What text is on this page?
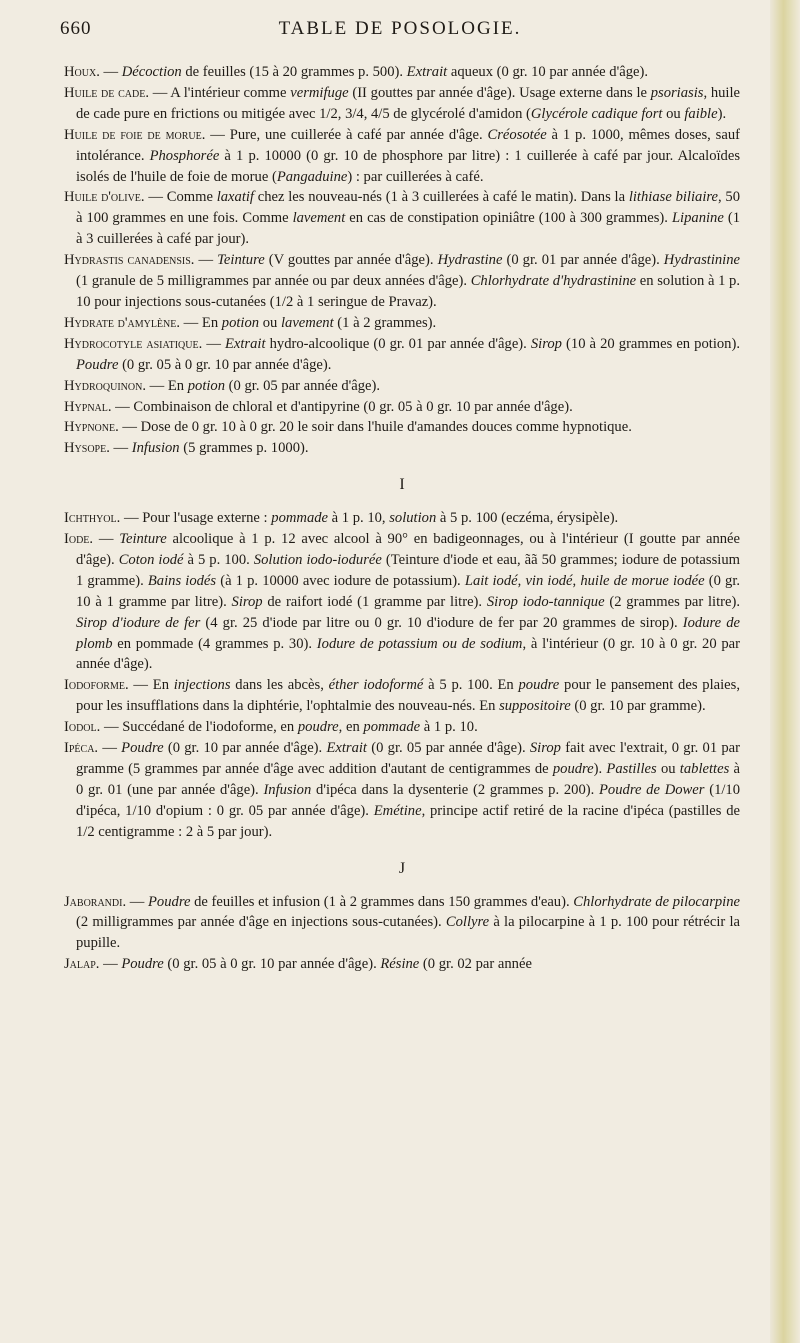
TABLE DE POSOLOGIE.
660
Houx. — Décoction de feuilles (15 à 20 grammes p. 500). Extrait aqueux (0 gr. 10 par année d'âge).
Huile de cade. — A l'intérieur comme vermifuge (II gouttes par année d'âge). Usage externe dans le psoriasis, huile de cade pure en frictions ou mitigée avec 1/2, 3/4, 4/5 de glycérolé d'amidon (Glycérole cadique fort ou faible).
Huile de foie de morue. — Pure, une cuillerée à café par année d'âge. Créosotée à 1 p. 1000, mêmes doses, sauf intolérance. Phosphorée à 1 p. 10000 (0 gr. 10 de phosphore par litre) : 1 cuillerée à café par jour. Alcaloïdes isolés de l'huile de foie de morue (Pangaduine) : par cuillerées à café.
Huile d'olive. — Comme laxatif chez les nouveau-nés (1 à 3 cuillerées à café le matin). Dans la lithiase biliaire, 50 à 100 grammes en une fois. Comme lavement en cas de constipation opiniâtre (100 à 300 grammes). Lipanine (1 à 3 cuillerées à café par jour).
Hydrastis canadensis. — Teinture (V gouttes par année d'âge). Hydrastine (0 gr. 01 par année d'âge). Hydrastinine (1 granule de 5 milligrammes par année ou par deux années d'âge). Chlorhydrate d'hydrastinine en solution à 1 p. 10 pour injections sous-cutanées (1/2 à 1 seringue de Pravaz).
Hydrate d'amylène. — En potion ou lavement (1 à 2 grammes).
Hydrocotyle asiatique. — Extrait hydro-alcoolique (0 gr. 01 par année d'âge). Sirop (10 à 20 grammes en potion). Poudre (0 gr. 05 à 0 gr. 10 par année d'âge).
Hydroquinon. — En potion (0 gr. 05 par année d'âge).
Hypnal. — Combinaison de chloral et d'antipyrine (0 gr. 05 à 0 gr. 10 par année d'âge).
Hypnone. — Dose de 0 gr. 10 à 0 gr. 20 le soir dans l'huile d'amandes douces comme hypnotique.
Hysope. — Infusion (5 grammes p. 1000).
I
Ichthyol. — Pour l'usage externe : pommade à 1 p. 10, solution à 5 p. 100 (eczéma, érysipèle).
Iode. — Teinture alcoolique à 1 p. 12 avec alcool à 90° en badigeonnages, ou à l'intérieur (I goutte par année d'âge). Coton iodé à 5 p. 100. Solution iodo-iodurée (Teinture d'iode et eau, ãã 50 grammes; iodure de potassium 1 gramme). Bains iodés (à 1 p. 10000 avec iodure de potassium). Lait iodé, vin iodé, huile de morue iodée (0 gr. 10 à 1 gramme par litre). Sirop de raifort iodé (1 gramme par litre). Sirop iodo-tannique (2 grammes par litre). Sirop d'iodure de fer (4 gr. 25 d'iode par litre ou 0 gr. 10 d'iodure de fer par 20 grammes de sirop). Iodure de plomb en pommade (4 grammes p. 30). Iodure de potassium ou de sodium, à l'intérieur (0 gr. 10 à 0 gr. 20 par année d'âge).
Iodoforme. — En injections dans les abcès, éther iodoformé à 5 p. 100. En poudre pour le pansement des plaies, pour les insufflations dans la diphtérie, l'ophtalmie des nouveau-nés. En suppositoire (0 gr. 10 par gramme).
Iodol. — Succédané de l'iodoforme, en poudre, en pommade à 1 p. 10.
Ipéca. — Poudre (0 gr. 10 par année d'âge). Extrait (0 gr. 05 par année d'âge). Sirop fait avec l'extrait, 0 gr. 01 par gramme (5 grammes par année d'âge avec addition d'autant de centigrammes de poudre). Pastilles ou tablettes à 0 gr. 01 (une par année d'âge). Infusion d'ipéca dans la dysenterie (2 grammes p. 200). Poudre de Dower (1/10 d'ipéca, 1/10 d'opium : 0 gr. 05 par année d'âge). Emétine, principe actif retiré de la racine d'ipéca (pastilles de 1/2 centigramme : 2 à 5 par jour).
J
Jaborandi. — Poudre de feuilles et infusion (1 à 2 grammes dans 150 grammes d'eau). Chlorhydrate de pilocarpine (2 milligrammes par année d'âge en injections sous-cutanées). Collyre à la pilocarpine à 1 p. 100 pour rétrécir la pupille.
Jalap. — Poudre (0 gr. 05 à 0 gr. 10 par année d'âge). Résine (0 gr. 02 par année
